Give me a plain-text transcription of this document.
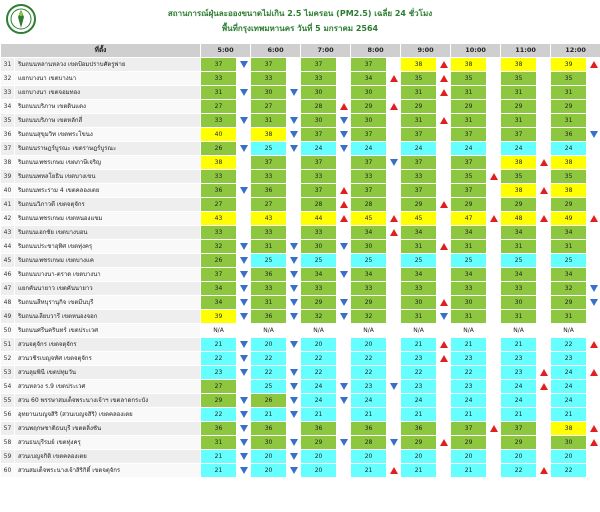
สถานการณ์ฝุ่นละอองขนาดไม่เกิน 2.5 ไมครอน (PM2.5) เฉลี่ย 24 ชั่วโมง
พื้นที่กรุงเทพมหานคร วันที่ 5 มกราคม 2564
ที่ตั้ง		5:00		6:00		7:00		8:00		9:00		10:00		11:00		12:00	
31	ริมถนนหลานหลวง เขตป้อมปราบศัตรูพ่าย	37		37		37		37		38		38		38		39	
32	แยกบางนา เขตบางนา	33		33		33		34		35		35		35		35	
33	แยกบางนา เขตจอมทอง	31		30		30		30		31		31		31		31	
34	ริมถนนบริภาษ เขตดินแดง	27		27		28		29		29		29		29		29	
35	ริมถนนบริภาษ เขตหลักสี่	33		31		30		30		31		31		31		31	
36	ริมถนนสุขุมวิท เขตพระโขนง	40		38		37		37		37		37		37		36	
37	ริมถนนราษฎร์บูรณะ เขตราษฎร์บูรณะ	26		25		24		24		24		24		24		24	
38	ริมถนนเพชรเกษม เขตภาษีเจริญ	38		37		37		37		37		37		38		38	
39	ริมถนนพหลโยธิน เขตบางเขน	33		33		33		33		33		35		35		35	
40	ริมถนนพระราม 4 เขตคลองเตย	36		36		37		37		37		37		38		38	
41	ริมถนนวิภาวดี เขตจตุจักร	27		27		28		28		29		29		29		29	
42	ริมถนนเพชรเกษม เขตหนองแขม	43		43		44		45		45		47		48		49	
43	ริมถนนเอกชัย เขตบางบอน	33		33		33		34		34		34		34		34	
44	ริมถนนประชาอุทิศ เขตทุ่งครุ	32		31		30		30		31		31		31		31	
45	ริมถนนเพชรเกษม เขตบางแค	26		25		25		25		25		25		25		25	
46	ริมถนนบางนา-ตราด เขตบางนา	37		36		34		34		34		34		34		34	
47	แยกคันนายาว เขตคันนายาว	34		33		33		33		33		33		33		32	
48	ริมถนนสีหบุรานุกิจ เขตมีนบุรี	34		31		29		29		30		30		30		29	
49	ริมถนนเลียบวารี เขตหนองจอก	39		36		32		32		31		31		31		31	
50	ริมถนนศรีนครินทร์ เขตประเวศ	N/A		N/A		N/A		N/A		N/A		N/A		N/A		N/A	
51	สวนจตุจักร เขตจตุจักร	21		20		20		20		21		21		21		22	
52	สวนวชิรเบญจทัศ เขตจตุจักร	22		22		22		22		23		23		23		23	
53	สวนลุมพินี เขตปทุมวัน	23		22		22		22		22		22		23		24	
54	สวนหลวง ร.9 เขตประเวศ	27		25		24		23		23		23		24		24	
55	สวน 60 พรรษาสมเด็จพระนางเจ้าฯ เขตลาดกระบัง	29		26		24		24		24		24		24		24	
56	อุทยานเบญจสิริ (สวนเบญจสิริ) เขตคลองเตย	22		21		21		21		21		21		21		21	
57	สวนพฤกษชาติธนบุรี เขตตลิ่งชัน	36		36		36		36		36		37		37		38	
58	สวนธนบุรีรมย์ เขตทุ่งครุ	31		30		29		28		29		29		29		30	
59	สวนเบญจกิติ เขตคลองเตย	21		20		20		20		20		20		20		20	
60	สวนสมเด็จพระนางเจ้าสิริกิติ์ เขตจตุจักร	21		20		20		21		21		21		22		22	
